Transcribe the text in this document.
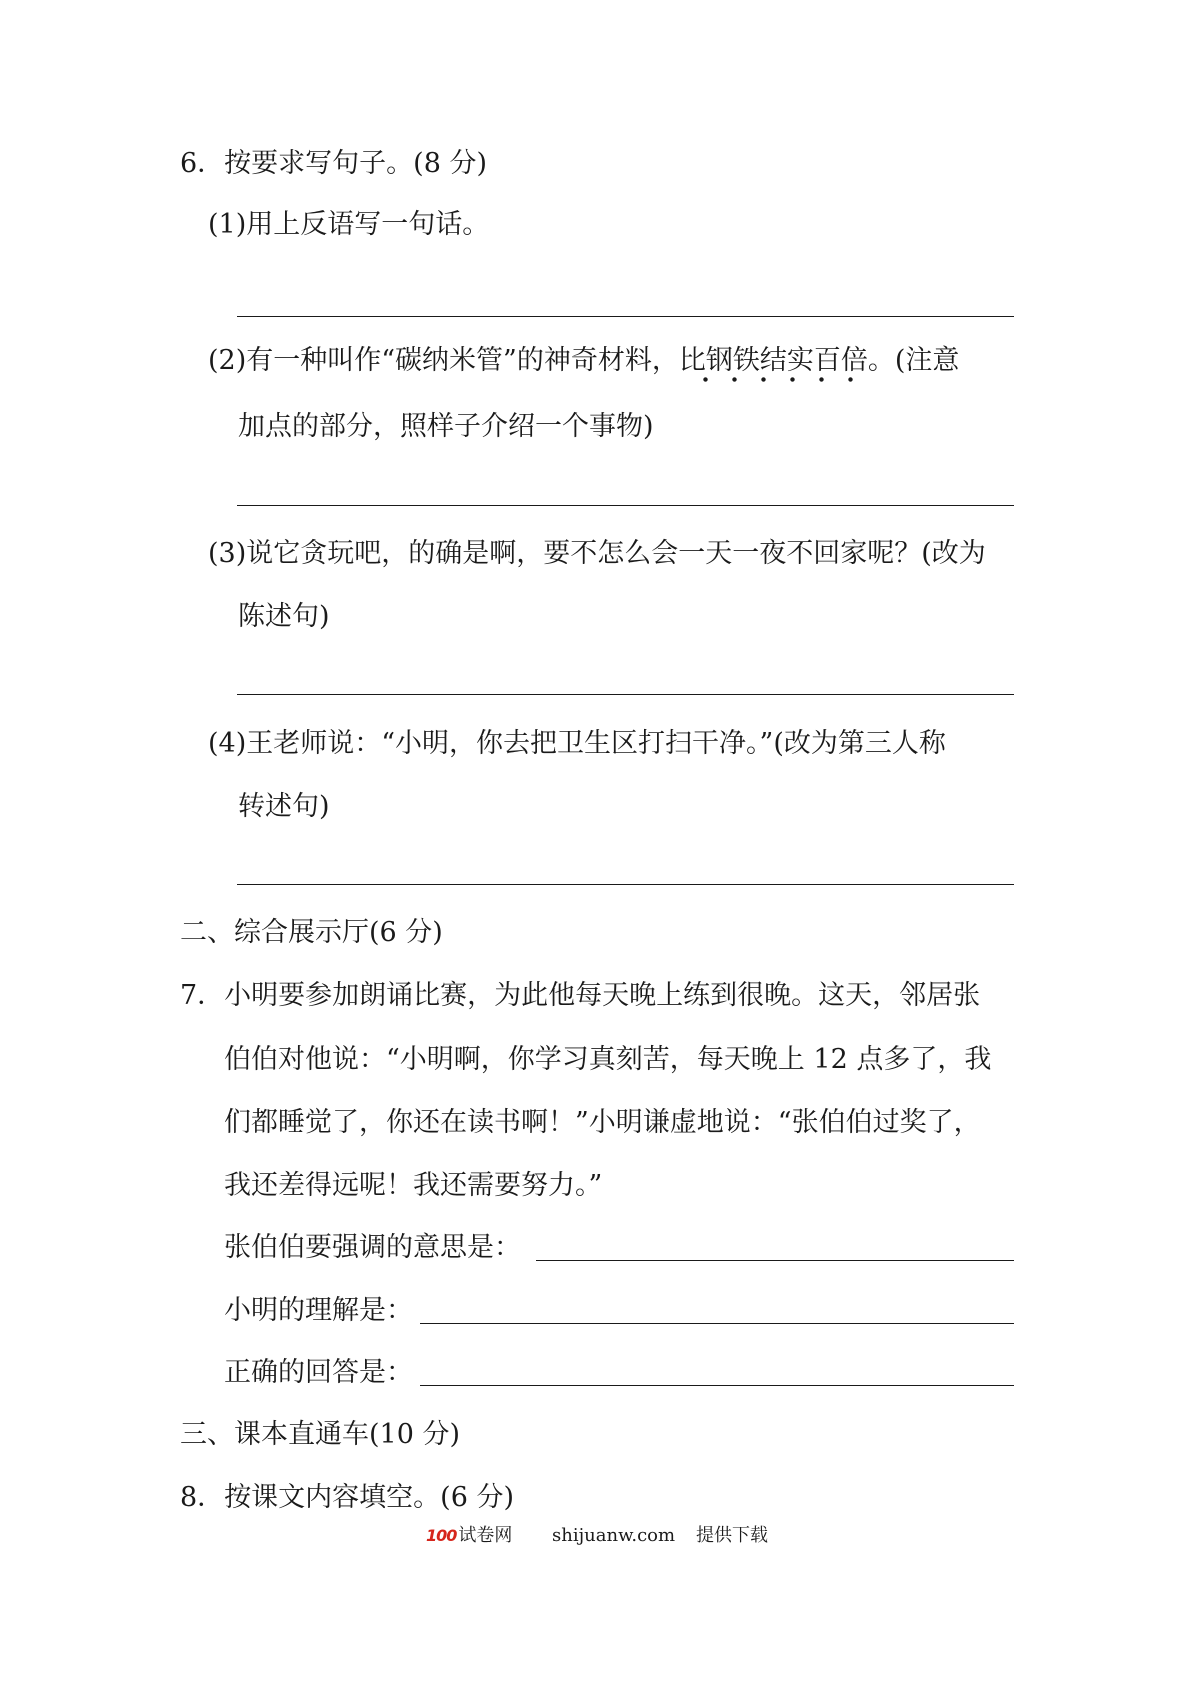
6．按要求写句子。(8 分)
(1)用上反语写一句话。
(2)有一种叫作“碳纳米管”的神奇材料，比钢铁结实百倍。(注意
加点的部分，照样子介绍一个事物)
(3)说它贪玩吧，的确是啊，要不怎么会一天一夜不回家呢？(改为
陈述句)
(4)王老师说：“小明，你去把卫生区打扫干净。”(改为第三人称
转述句)
二、综合展示厅(6 分)
7．小明要参加朗诵比赛，为此他每天晚上练到很晚。这天，邻居张
伯伯对他说：“小明啊，你学习真刻苦，每天晚上 12 点多了，我
们都睡觉了，你还在读书啊！”小明谦虚地说：“张伯伯过奖了，
我还差得远呢！我还需要努力。”
张伯伯要强调的意思是：
小明的理解是：
正确的回答是：
三、课本直通车(10 分)
8．按课文内容填空。(6 分)
100 试卷网 shijuanw.com 提供下载
